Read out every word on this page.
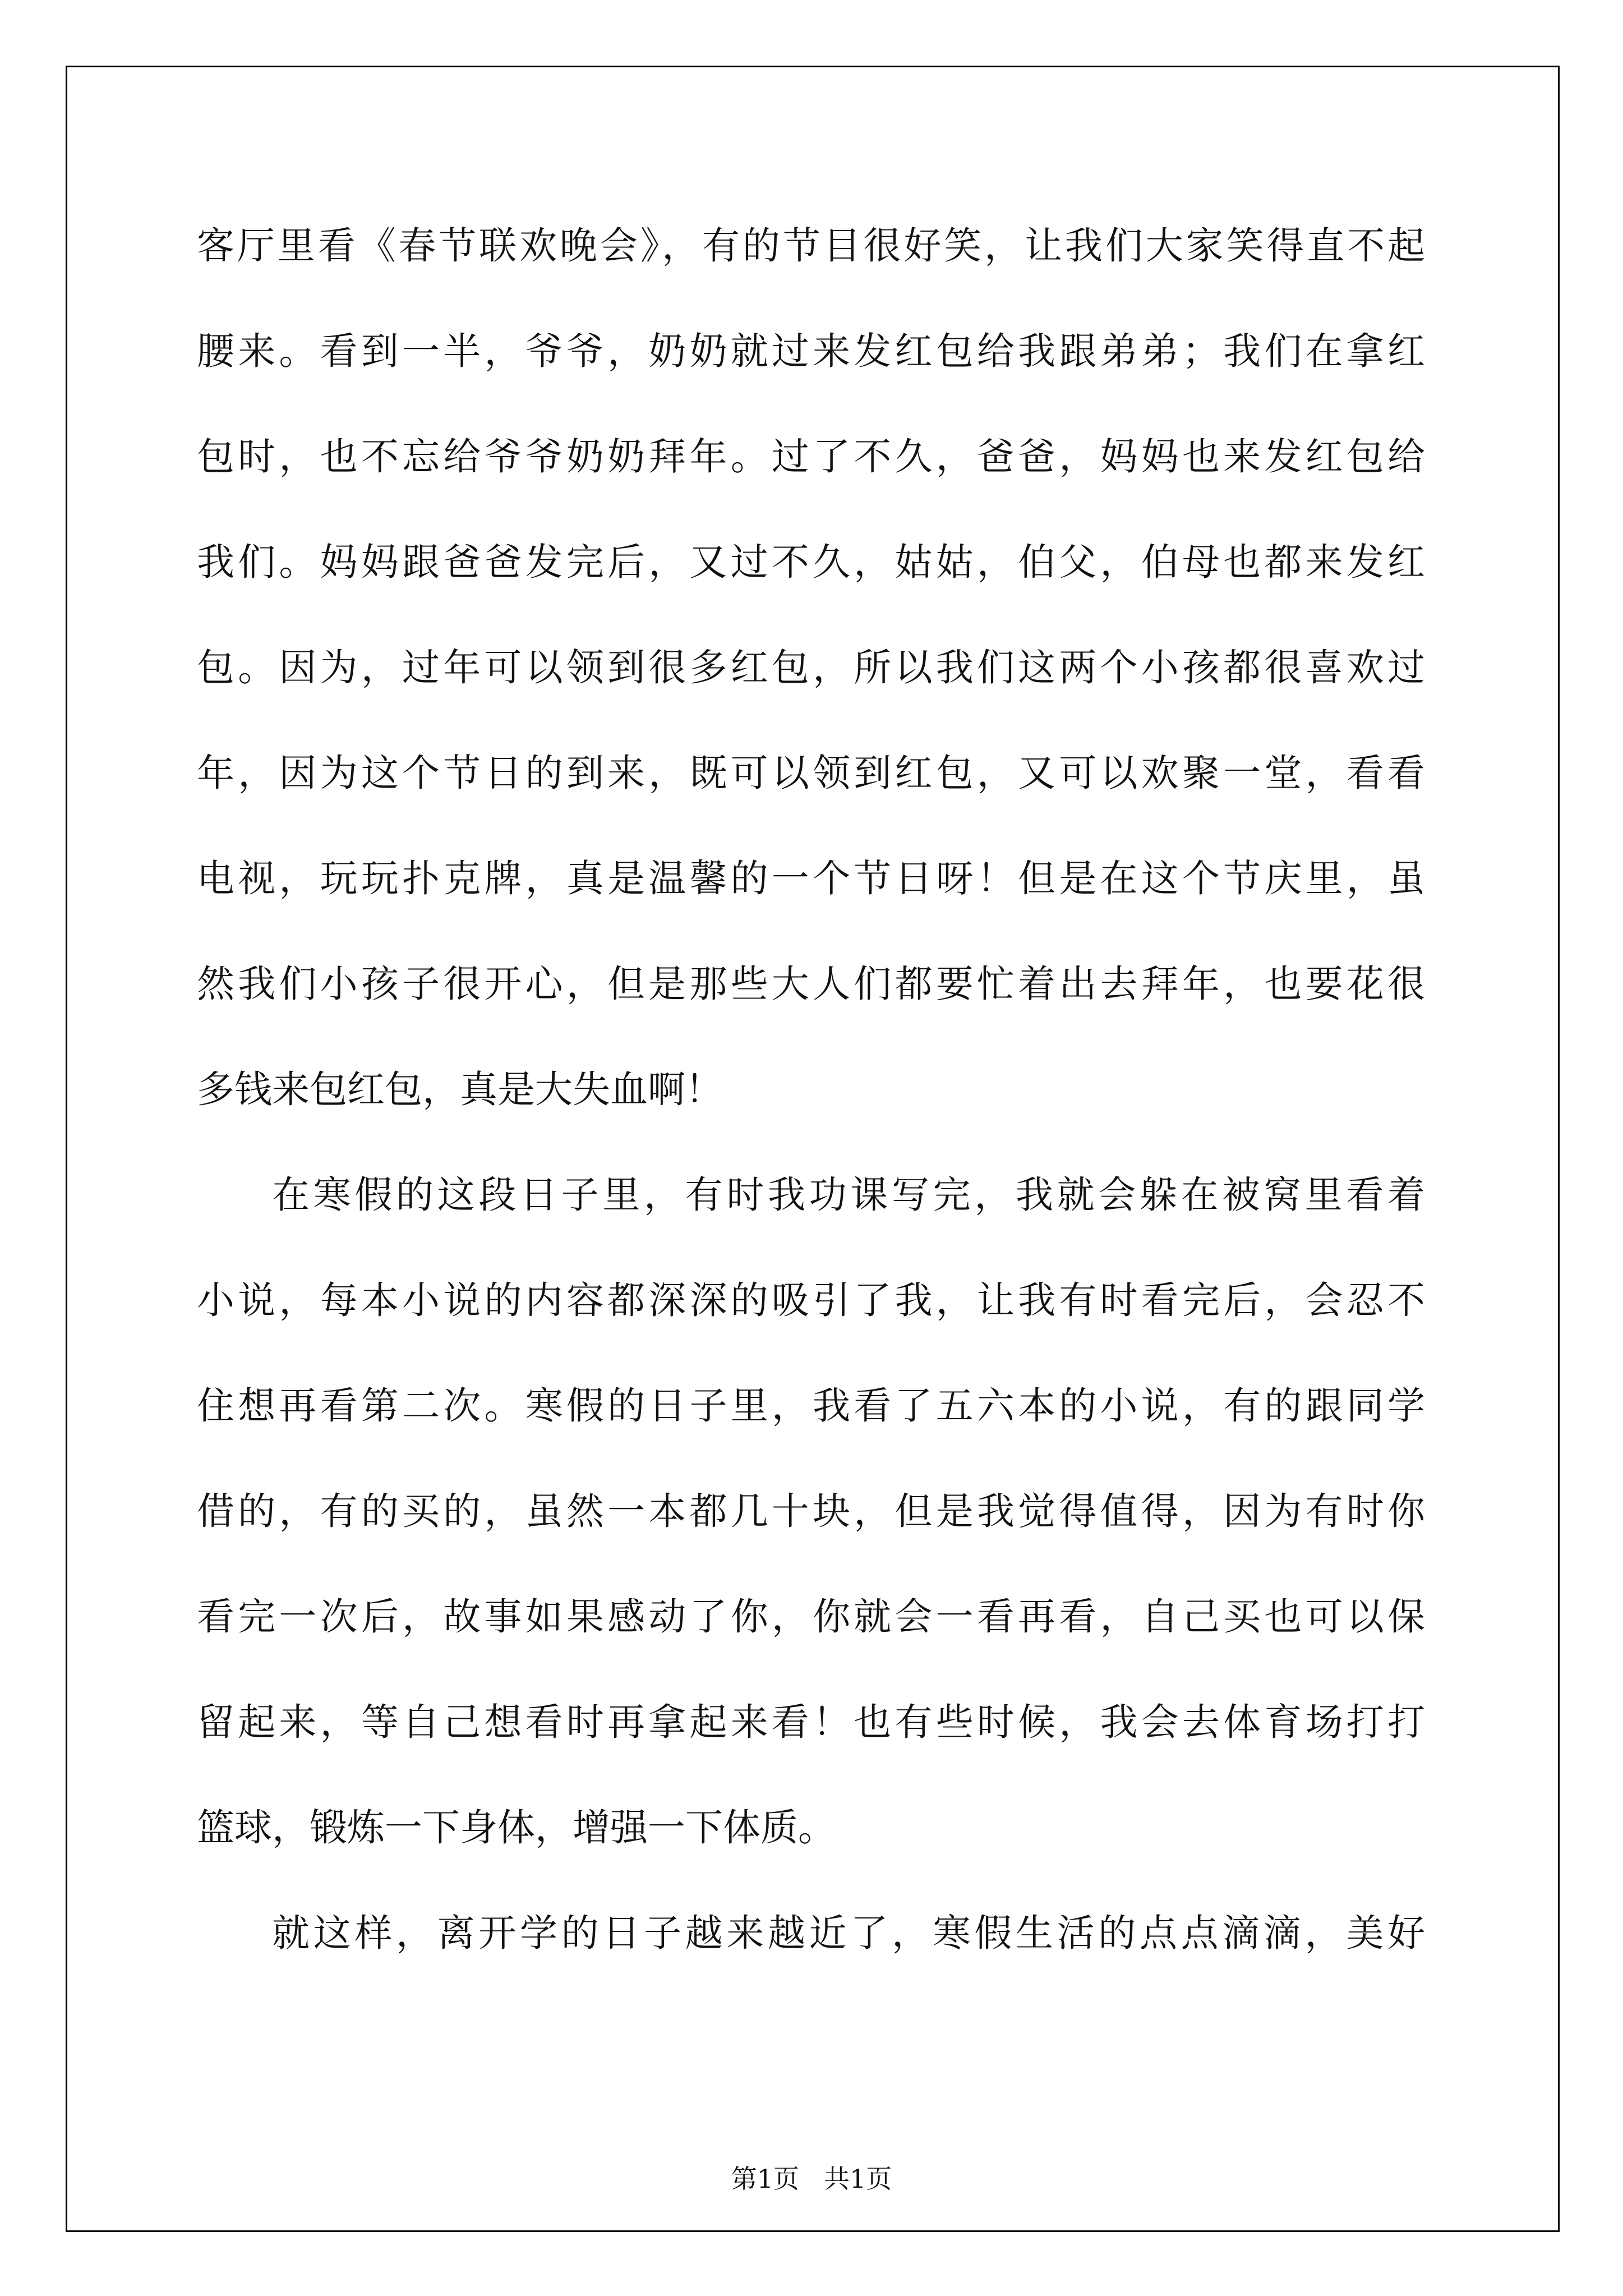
客厅里看《春节联欢晚会》，有的节目很好笑，让我们大家笑得直不起
腰来。看到一半，爷爷，奶奶就过来发红包给我跟弟弟；我们在拿红
包时，也不忘给爷爷奶奶拜年。过了不久，爸爸，妈妈也来发红包给
我们。妈妈跟爸爸发完后，又过不久，姑姑，伯父，伯母也都来发红
包。因为，过年可以领到很多红包，所以我们这两个小孩都很喜欢过
年，因为这个节日的到来，既可以领到红包，又可以欢聚一堂，看看
电视，玩玩扑克牌，真是温馨的一个节日呀！但是在这个节庆里，虽
然我们小孩子很开心，但是那些大人们都要忙着出去拜年，也要花很
多钱来包红包，真是大失血啊！
在寒假的这段日子里，有时我功课写完，我就会躲在被窝里看着
小说，每本小说的内容都深深的吸引了我，让我有时看完后，会忍不
住想再看第二次。寒假的日子里，我看了五六本的小说，有的跟同学
借的，有的买的，虽然一本都几十块，但是我觉得值得，因为有时你
看完一次后，故事如果感动了你，你就会一看再看，自己买也可以保
留起来，等自己想看时再拿起来看！也有些时候，我会去体育场打打
篮球，锻炼一下身体，增强一下体质。
就这样，离开学的日子越来越近了，寒假生活的点点滴滴，美好
第1页 共1页
